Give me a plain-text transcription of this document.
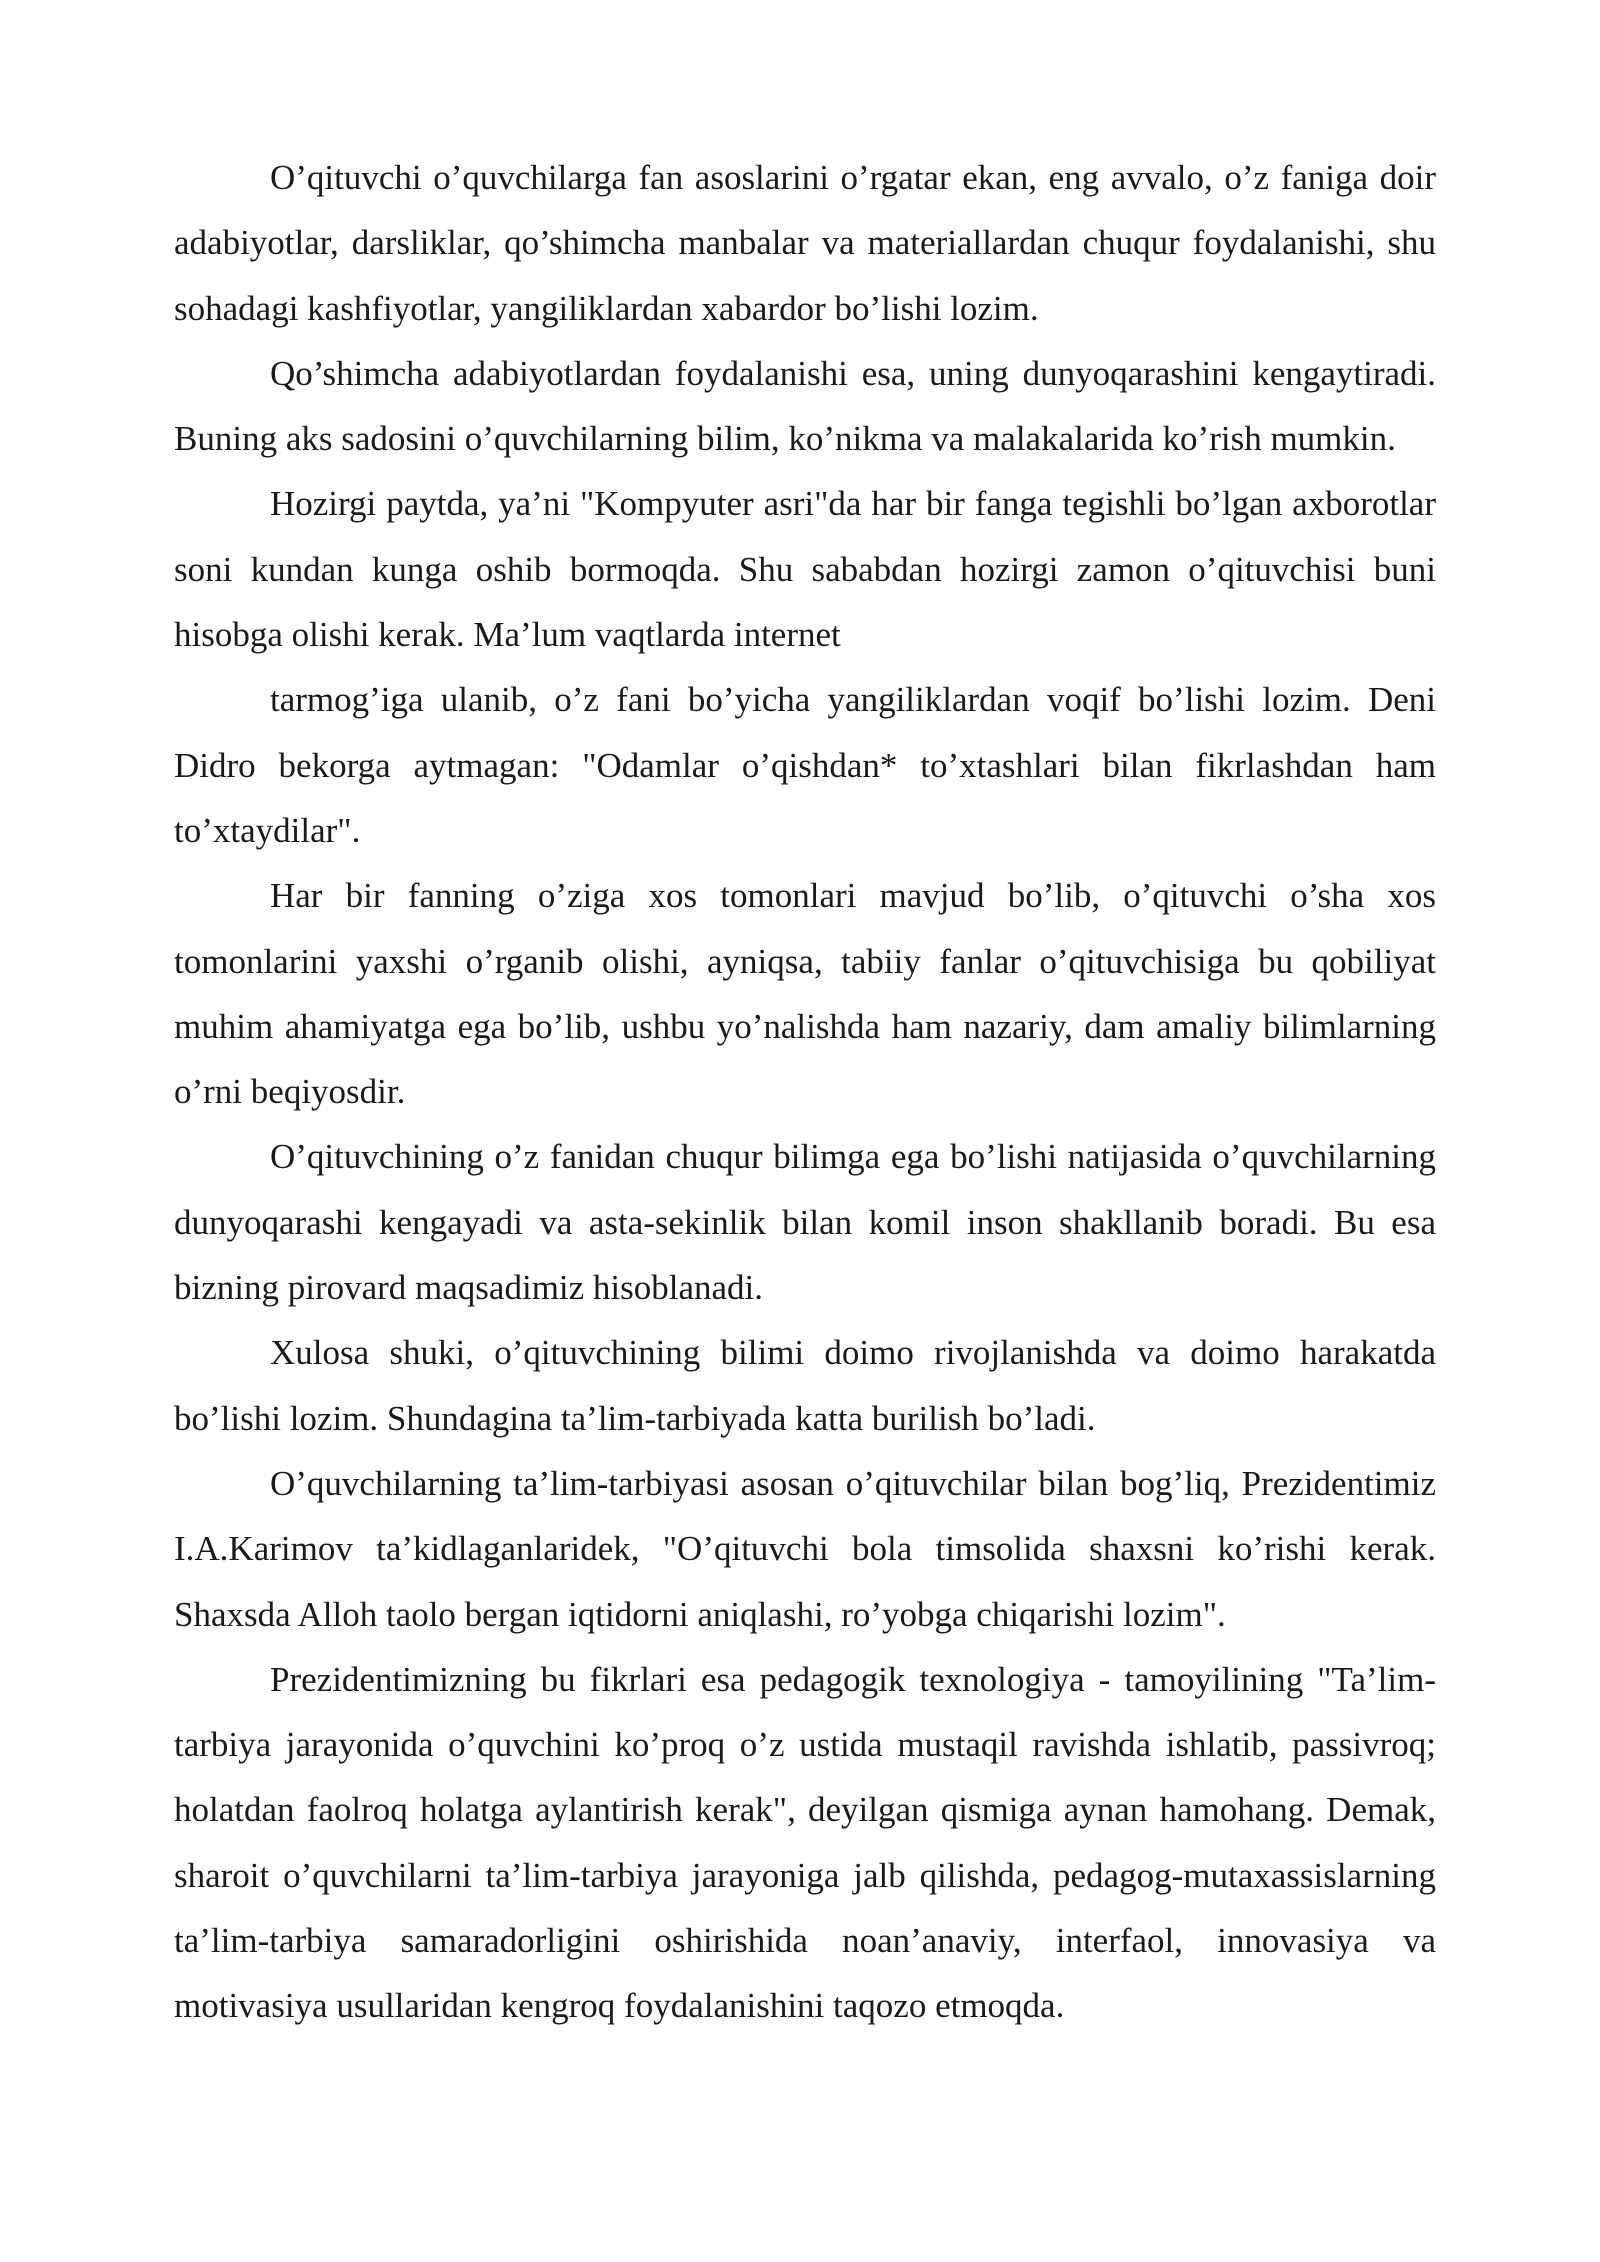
O’qituvchi o’quvchilarga fan asoslarini o’rgatar ekan, eng avvalo, o’z faniga doir adabiyotlar, darsliklar, qo’shimcha manbalar va materiallardan chuqur foydalanishi, shu sohadagi kashfiyotlar, yangiliklardan xabardor bo’lishi lozim.

Qo’shimcha adabiyotlardan foydalanishi esa, uning dunyoqarashini kengaytiradi. Buning aks sadosini o’quvchilarning bilim, ko’nikma va malakalarida ko’rish mumkin.

Hozirgi paytda, ya’ni "Kompyuter asri"da har bir fanga tegishli bo’lgan axborotlar soni kundan kunga oshib bormoqda. Shu sababdan hozirgi zamon o’qituvchisi buni hisobga olishi kerak. Ma’lum vaqtlarda internet

tarmog’iga ulanib, o’z fani bo’yicha yangiliklardan voqif bo’lishi lozim. Deni Didro bekorga aytmagan: "Odamlar o’qishdan* to’xtashlari bilan fikrlashdan ham to’xtaydilar".

Har bir fanning o’ziga xos tomonlari mavjud bo’lib, o’qituvchi o’sha xos tomonlarini yaxshi o’rganib olishi, ayniqsa, tabiiy fanlar o’qituvchisiga bu qobiliyat muhim ahamiyatga ega bo’lib, ushbu yo’nalishda ham nazariy, dam amaliy bilimlarning o’rni beqiyosdir.

O’qituvchining o’z fanidan chuqur bilimga ega bo’lishi natijasida o’quvchilarning dunyoqarashi kengayadi va asta-sekinlik bilan komil inson shakllanib boradi. Bu esa bizning pirovard maqsadimiz hisoblanadi.

Xulosa shuki, o’qituvchining bilimi doimo rivojlanishda va doimo harakatda bo’lishi lozim. Shundagina ta’lim-tarbiyada katta burilish bo’ladi.

O’quvchilarning ta’lim-tarbiyasi asosan o’qituvchilar bilan bog’liq, Prezidentimiz I.A.Karimov ta’kidlaganlaridek, "O’qituvchi bola timsolida shaxsni ko’rishi kerak. Shaxsda Alloh taolo bergan iqtidorni aniqlashi, ro’yobga chiqarishi lozim".

Prezidentimizning bu fikrlari esa pedagogik texnologiya - tamoyilining "Ta’lim-tarbiya jarayonida o’quvchini ko’proq o’z ustida mustaqil ravishda ishlatib, passivroq; holatdan faolroq holatga aylantirish kerak", deyilgan qismiga aynan hamohang. Demak, sharoit o’quvchilarni ta’lim-tarbiya jarayoniga jalb qilishda, pedagog-mutaxassislarning ta’lim-tarbiya samaradorligini oshirishida noan’anaviy, interfaol, innovasiya va motivasiya usullaridan kengroq foydalanishini taqozo etmoqda.
